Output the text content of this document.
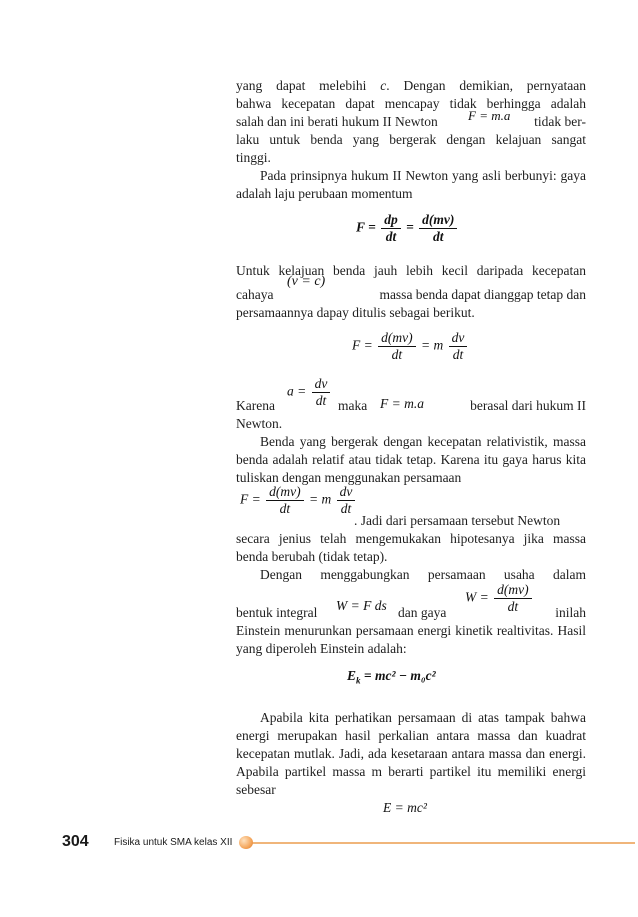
yang dapat melebihi c. Dengan demikian, pernyataan
bahwa kecepatan dapat mencapay tidak berhingga adalah
salah dan ini berati hukum II Newton	tidak ber-
laku untuk benda yang bergerak dengan kelajuan sangat
tinggi.
F = m.a
Pada prinsipnya hukum II Newton yang asli berbunyi: gaya adalah laju perubaan momentum
$F = \frac{dp}{dt} = \frac{d(mv)}{dt}$
Untuk kelajuan benda jauh lebih kecil daripada kecepatan
cahaya	massa benda dapat dianggap tetap dan
persamaannya dapay ditulis sebagai berikut.
(v = c)
$F = \frac{d(mv)}{dt} = m \frac{dv}{dt}$
$a = \frac{dv}{dt}$
Karena	maka	berasal dari hukum II
Newton.
F = m.a
Benda yang bergerak dengan kecepatan relativistik, massa benda adalah relatif atau tidak tetap. Karena itu gaya harus kita tuliskan dengan menggunakan persamaan
$F = \frac{d(mv)}{dt} = m \frac{dv}{dt}$
. Jadi dari persamaan tersebut Newton
secara jenius telah mengemukakan hipotesanya jika massa benda berubah (tidak tetap).
Dengan menggabungkan persamaan usaha dalam
bentuk integral	dan gaya	inilah
Einstein menurunkan persamaan energi kinetik realtivitas. Hasil yang diperoleh Einstein adalah:
W = F ds
$W = \frac{d(mv)}{dt}$
$E_k = mc^2 - m_0c^2$
Apabila kita perhatikan persamaan di atas tampak bahwa energi merupakan hasil perkalian antara massa dan kuadrat kecepatan mutlak. Jadi, ada kesetaraan antara massa dan energi. Apabila partikel massa m berarti partikel itu memiliki energi sebesar
E = mc²
304	Fisika untuk SMA kelas XII
